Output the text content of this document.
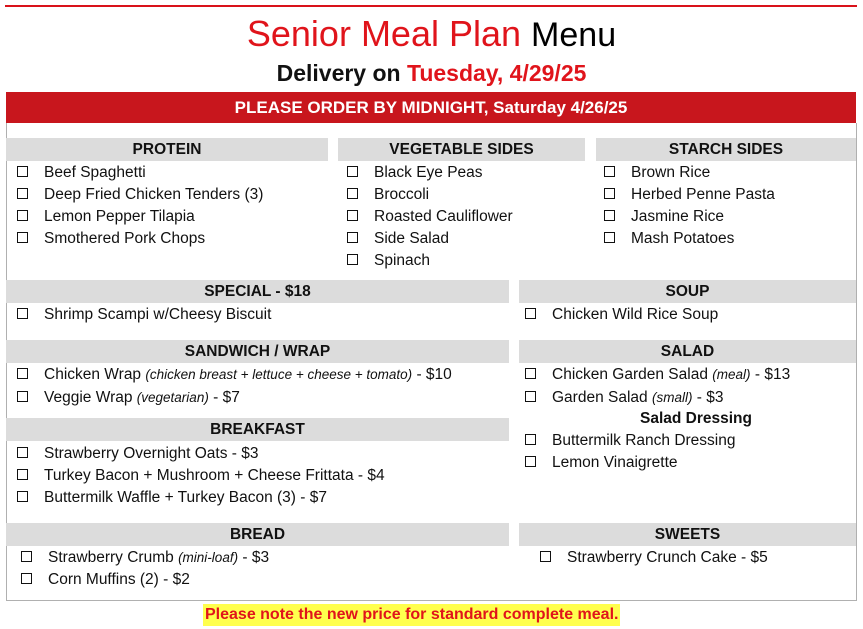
Senior Meal Plan Menu
Delivery on Tuesday, 4/29/25
PLEASE ORDER BY MIDNIGHT, Saturday 4/26/25
PROTEIN
Beef Spaghetti
Deep Fried Chicken Tenders (3)
Lemon Pepper Tilapia
Smothered Pork Chops
VEGETABLE SIDES
Black Eye Peas
Broccoli
Roasted Cauliflower
Side Salad
Spinach
STARCH SIDES
Brown Rice
Herbed Penne Pasta
Jasmine Rice
Mash Potatoes
SPECIAL - $18
Shrimp Scampi w/Cheesy Biscuit
SOUP
Chicken Wild Rice Soup
SANDWICH / WRAP
Chicken Wrap (chicken breast + lettuce + cheese + tomato) - $10
Veggie Wrap (vegetarian) - $7
SALAD
Chicken Garden Salad (meal) - $13
Garden Salad (small) - $3
Salad Dressing
Buttermilk Ranch Dressing
Lemon Vinaigrette
BREAKFAST
Strawberry Overnight Oats - $3
Turkey Bacon + Mushroom + Cheese Frittata - $4
Buttermilk Waffle + Turkey Bacon (3) - $7
BREAD
Strawberry Crumb (mini-loaf) - $3
Corn Muffins (2) - $2
SWEETS
Strawberry Crunch Cake - $5
Please note the new price for standard complete meal.
